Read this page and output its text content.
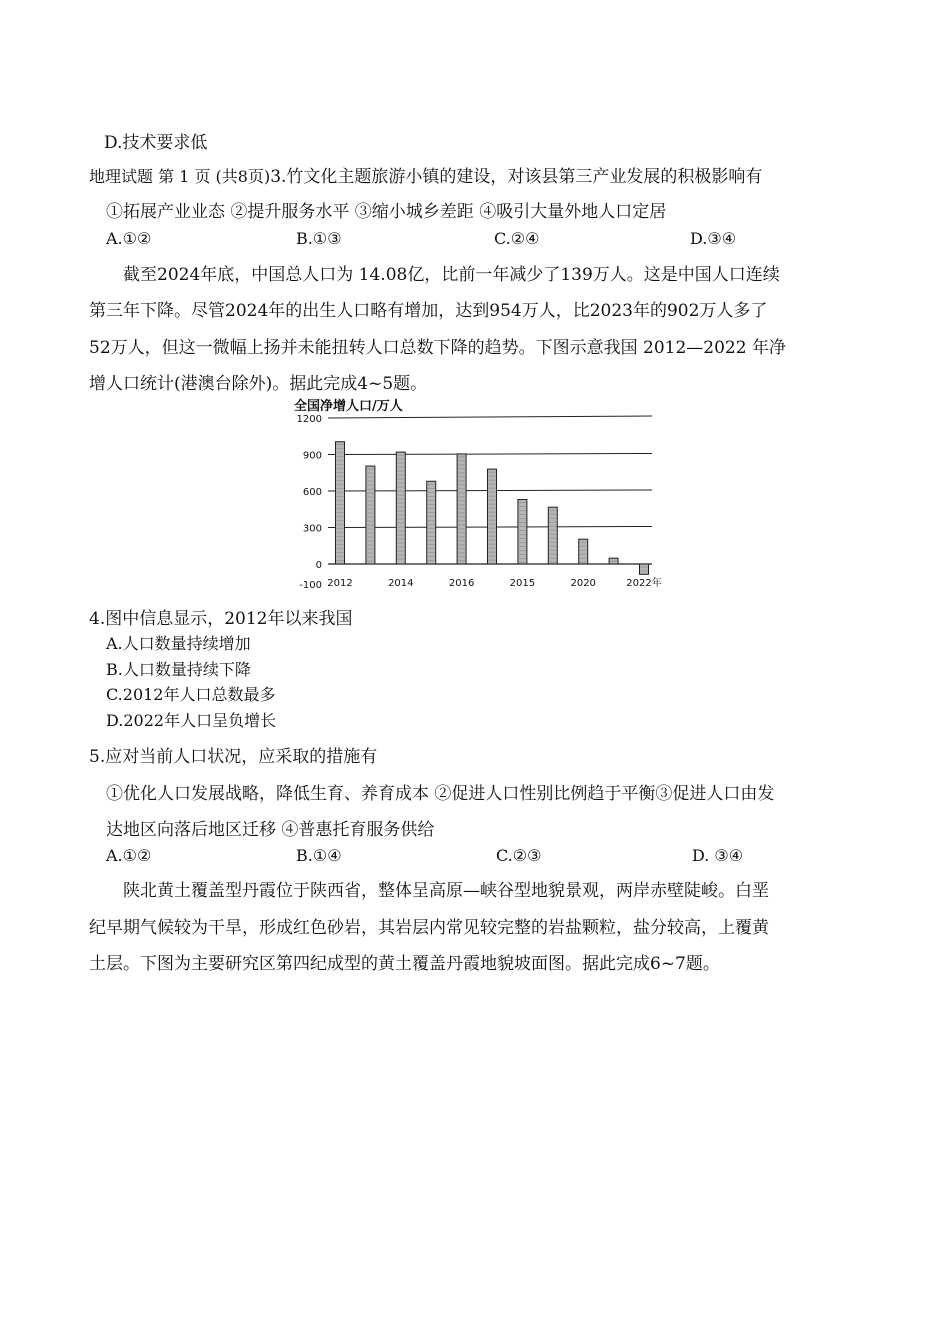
D.技术要求低
地理试题 第 1 页 (共8页)3.竹文化主题旅游小镇的建设，对该县第三产业发展的积极影响有
①拓展产业业态 ②提升服务水平 ③缩小城乡差距 ④吸引大量外地人口定居
A.①②	B.①③	C.②④	D.③④
截至2024年底，中国总人口为 14.08亿，比前一年减少了139万人。这是中国人口连续
第三年下降。尽管2024年的出生人口略有增加，达到954万人，比2023年的902万人多了
52万人，但这一微幅上扬并未能扭转人口总数下降的趋势。下图示意我国 2012—2022 年净
增人口统计(港澳台除外)。据此完成4~5题。
全国净增人口/万人
1200
900
600
300
0
-100 2012	2014	2016	2015	2020	2022年
4.图中信息显示，2012年以来我国
A.人口数量持续增加
B.人口数量持续下降
C.2012年人口总数最多
D.2022年人口呈负增长
5.应对当前人口状况，应采取的措施有
①优化人口发展战略，降低生育、养育成本 ②促进人口性别比例趋于平衡③促进人口由发
达地区向落后地区迁移 ④普惠托育服务供给
A.①②	B.①④	C.②③	D. ③④
陕北黄土覆盖型丹霞位于陕西省，整体呈高原—峡谷型地貌景观，两岸赤壁陡峻。白垩
纪早期气候较为干旱，形成红色砂岩，其岩层内常见较完整的岩盐颗粒，盐分较高，上覆黄
土层。下图为主要研究区第四纪成型的黄土覆盖丹霞地貌坡面图。据此完成6~7题。
